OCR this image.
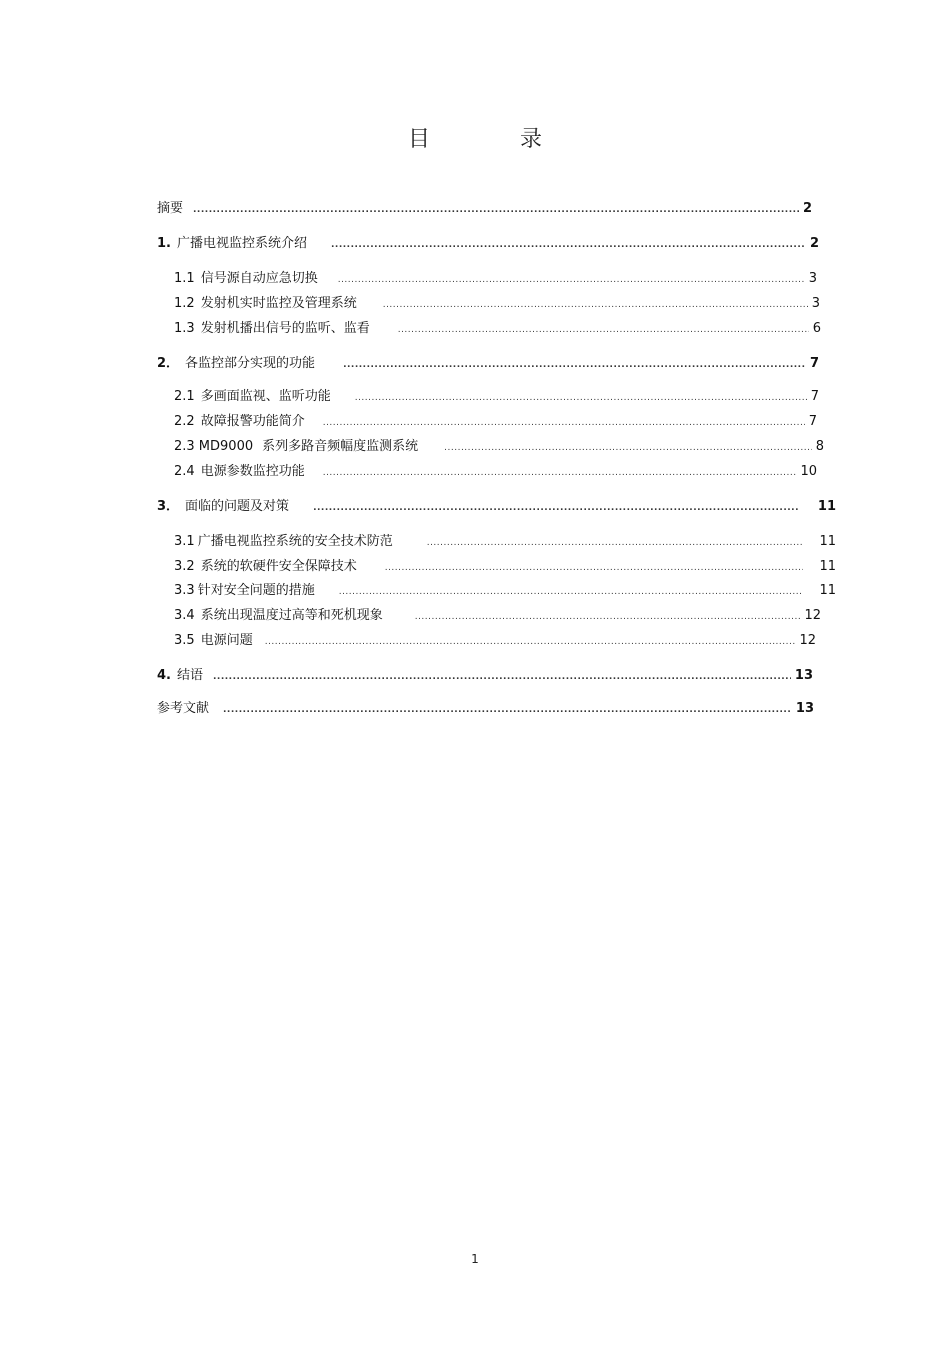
目　录
摘要 .....	2
1. 广播电视监控系统介绍 .....	2
1.1 信号源自动应急切换 .....	3
1.2 发射机实时监控及管理系统 .....	3
1.3 发射机播出信号的监听、监看 .....	6
2． 各监控部分实现的功能 .....	7
2.1 多画面监视、监听功能 .....	7
2.2 故障报警功能简介 .....	7
2.3 MD9000 系列多路音频幅度监测系统 .....	8
2.4 电源参数监控功能 .....	10
3． 面临的问题及对策 .....	11
3.1 广播电视监控系统的安全技术防范 .....	11
3.2 系统的软硬件安全保障技术 .....	11
3.3 针对安全问题的措施 .....	11
3.4 系统出现温度过高等和死机现象 .....	12
3.5 电源问题 .....	12
4. 结语 .....	13
参考文献 .....	13
1
